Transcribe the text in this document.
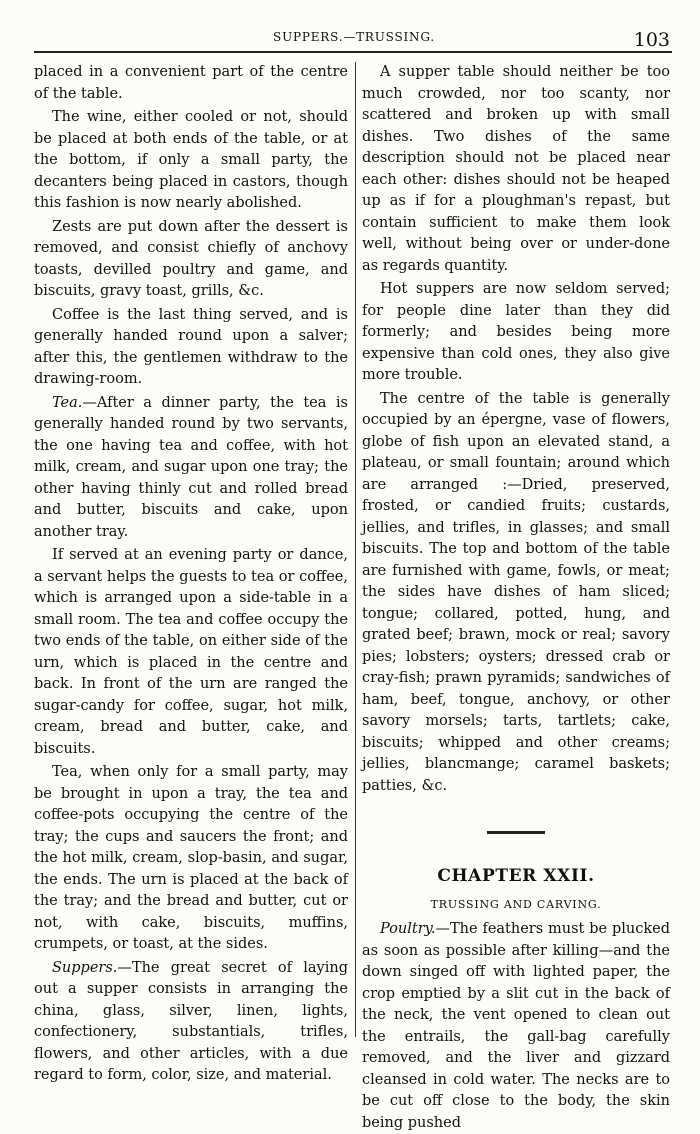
SUPPERS.—TRUSSING.	103

placed in a convenient part of the centre of the table.

The wine, either cooled or not, should be placed at both ends of the table, or at the bottom, if only a small party, the decanters being placed in castors, though this fashion is now nearly abolished.

Zests are put down after the dessert is removed, and consist chiefly of anchovy toasts, devilled poultry and game, and biscuits, gravy toast, grills, &c.

Coffee is the last thing served, and is generally handed round upon a salver; after this, the gentlemen withdraw to the drawing-room.

Tea.—After a dinner party, the tea is generally handed round by two servants, the one having tea and coffee, with hot milk, cream, and sugar upon one tray; the other having thinly cut and rolled bread and butter, biscuits and cake, upon another tray.

If served at an evening party or dance, a servant helps the guests to tea or coffee, which is arranged upon a side-table in a small room. The tea and coffee occupy the two ends of the table, on either side of the urn, which is placed in the centre and back. In front of the urn are ranged the sugar-candy for coffee, sugar, hot milk, cream, bread and butter, cake, and biscuits.

Tea, when only for a small party, may be brought in upon a tray, the tea and coffee-pots occupying the centre of the tray; the cups and saucers the front; and the hot milk, cream, slop-basin, and sugar, the ends. The urn is placed at the back of the tray; and the bread and butter, cut or not, with cake, biscuits, muffins, crumpets, or toast, at the sides.

Suppers.—The great secret of laying out a supper consists in arranging the china, glass, silver, linen, lights, confectionery, substantials, trifles, flowers, and other articles, with a due regard to form, color, size, and material.

A supper table should neither be too much crowded, nor too scanty, nor scattered and broken up with small dishes. Two dishes of the same description should not be placed near each other: dishes should not be heaped up as if for a ploughman's repast, but contain sufficient to make them look well, without being over or under-done as regards quantity.

Hot suppers are now seldom served; for people dine later than they did formerly; and besides being more expensive than cold ones, they also give more trouble.

The centre of the table is generally occupied by an épergne, vase of flowers, globe of fish upon an elevated stand, a plateau, or small fountain; around which are arranged :—Dried, preserved, frosted, or candied fruits; custards, jellies, and trifles, in glasses; and small biscuits. The top and bottom of the table are furnished with game, fowls, or meat; the sides have dishes of ham sliced; tongue; collared, potted, hung, and grated beef; brawn, mock or real; savory pies; lobsters; oysters; dressed crab or cray-fish; prawn pyramids; sandwiches of ham, beef, tongue, anchovy, or other savory morsels; tarts, tartlets; cake, biscuits; whipped and other creams; jellies, blancmange; caramel baskets; patties, &c.

CHAPTER XXII.
TRUSSING AND CARVING.

Poultry.—The feathers must be plucked as soon as possible after killing—and the down singed off with lighted paper, the crop emptied by a slit cut in the back of the neck, the vent opened to clean out the entrails, the gall-bag carefully removed, and the liver and gizzard cleansed in cold water. The necks are to be cut off close to the body, the skin being pushed
